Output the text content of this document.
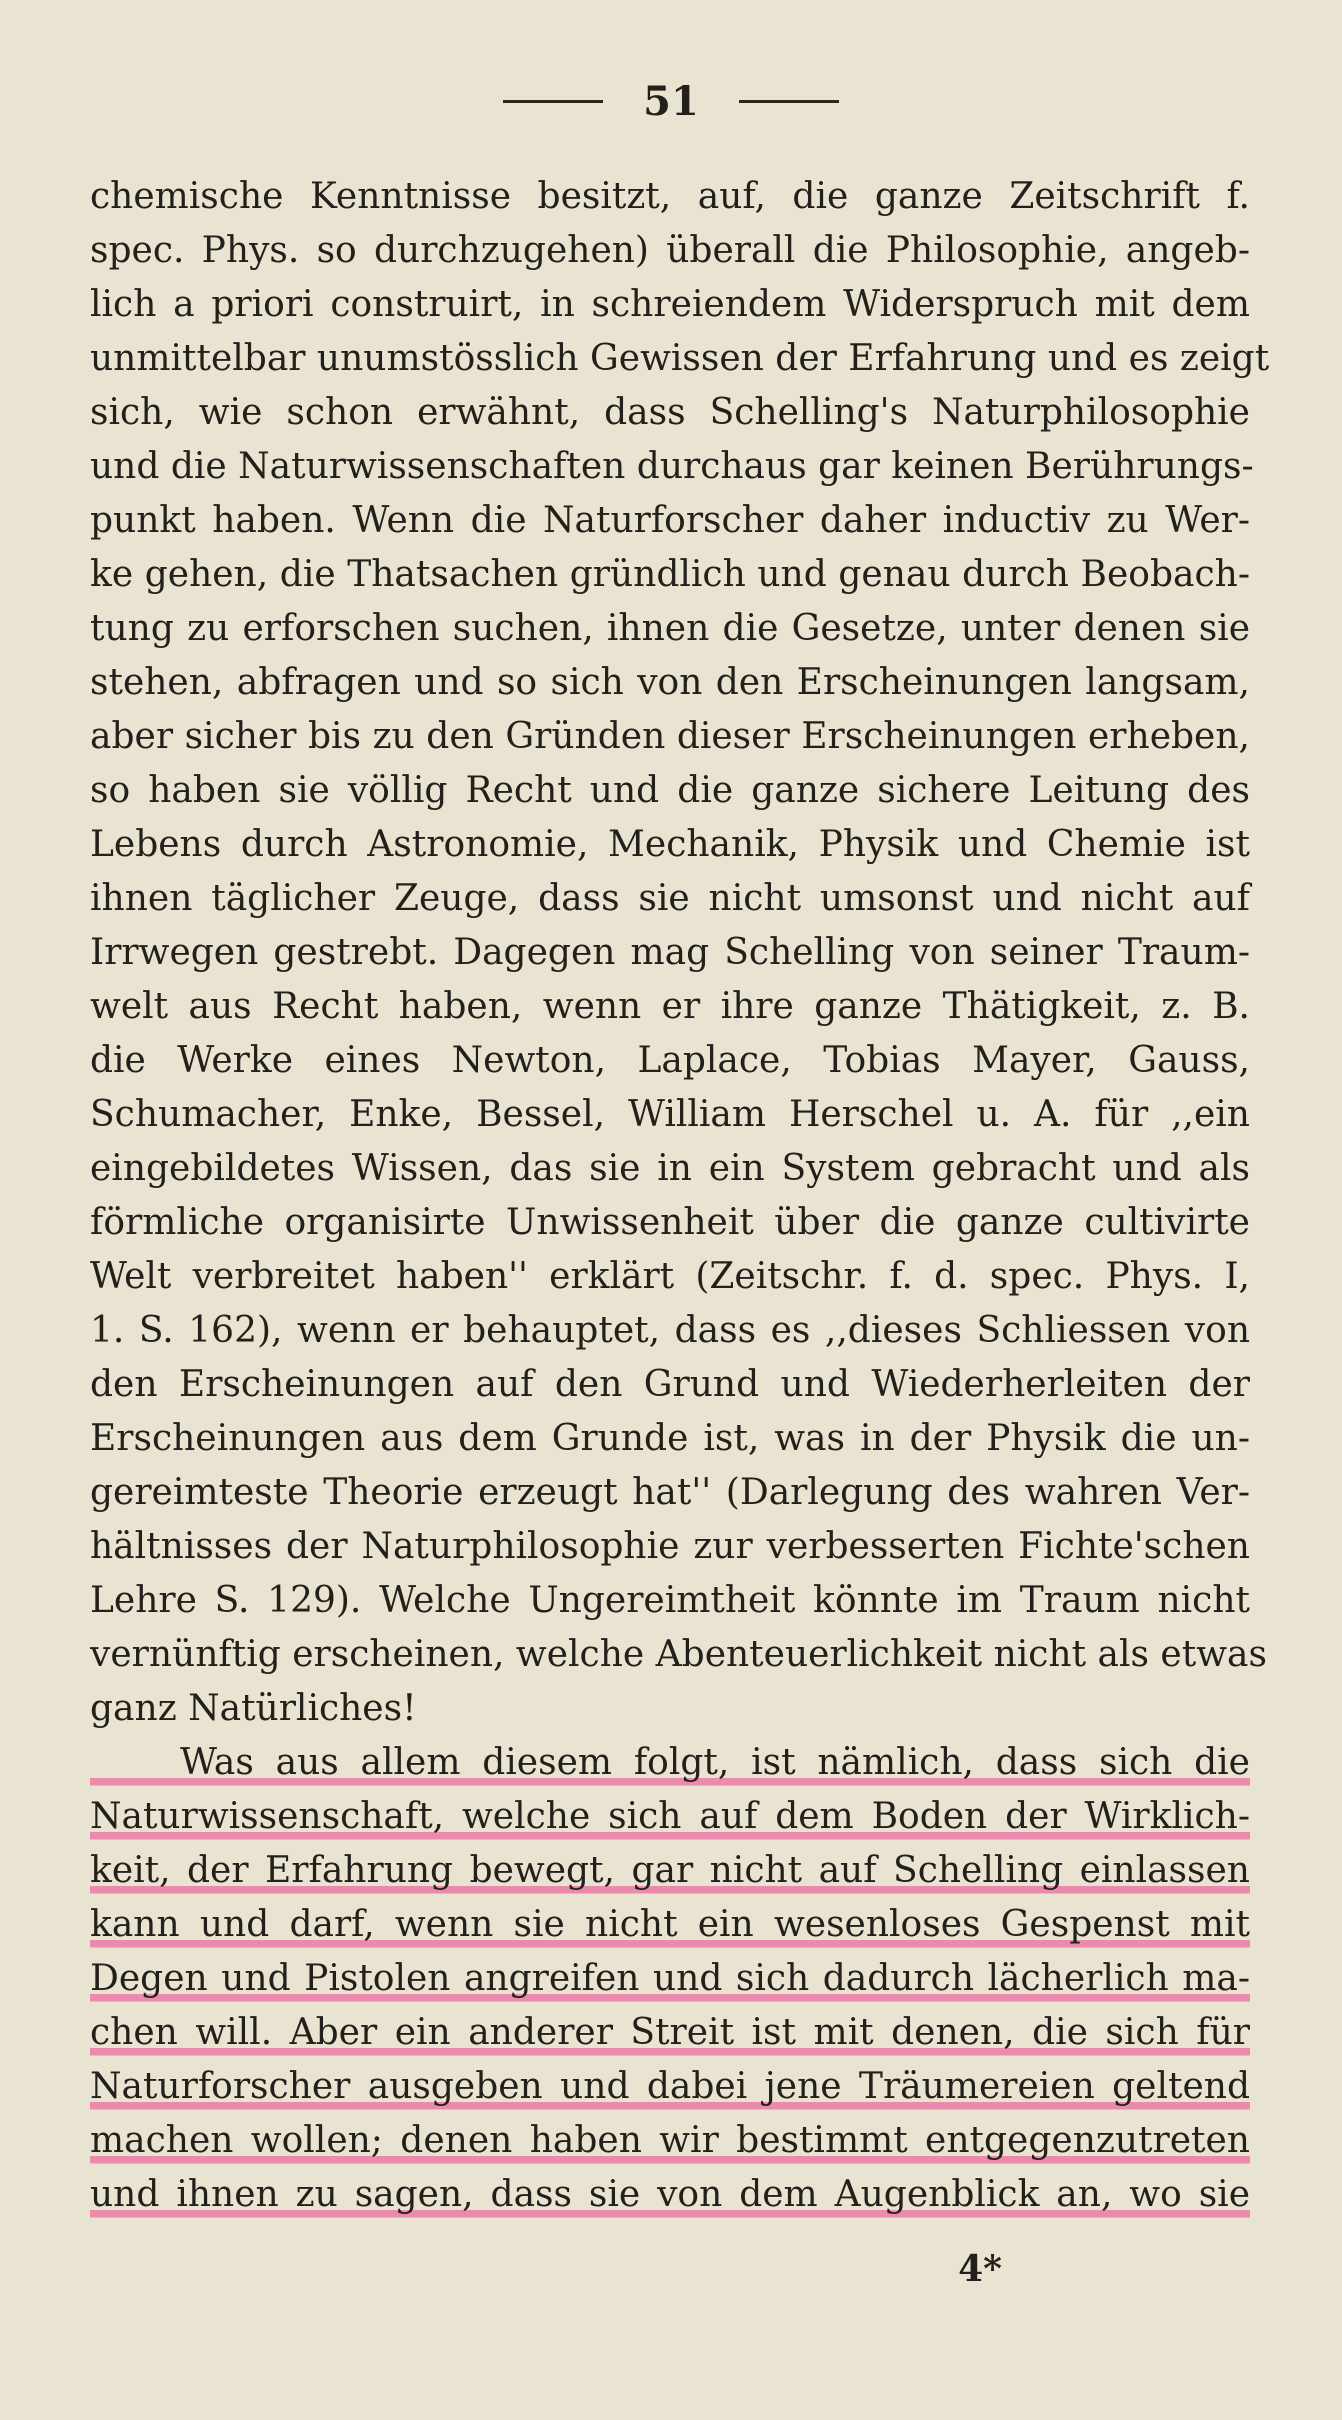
51
chemische Kenntnisse besitzt, auf, die ganze Zeitschrift f.
spec. Phys. so durchzugehen) überall die Philosophie, angeb-
lich a priori construirt, in schreiendem Widerspruch mit dem
unmittelbar unumstösslich Gewissen der Erfahrung und es zeigt
sich, wie schon erwähnt, dass Schelling's Naturphilosophie
und die Naturwissenschaften durchaus gar keinen Berührungs-
punkt haben. Wenn die Naturforscher daher inductiv zu Wer-
ke gehen, die Thatsachen gründlich und genau durch Beobach-
tung zu erforschen suchen, ihnen die Gesetze, unter denen sie
stehen, abfragen und so sich von den Erscheinungen langsam,
aber sicher bis zu den Gründen dieser Erscheinungen erheben,
so haben sie völlig Recht und die ganze sichere Leitung des
Lebens durch Astronomie, Mechanik, Physik und Chemie ist
ihnen täglicher Zeuge, dass sie nicht umsonst und nicht auf
Irrwegen gestrebt. Dagegen mag Schelling von seiner Traum-
welt aus Recht haben, wenn er ihre ganze Thätigkeit, z. B.
die Werke eines Newton, Laplace, Tobias Mayer, Gauss,
Schumacher, Enke, Bessel, William Herschel u. A. für ,,ein
eingebildetes Wissen, das sie in ein System gebracht und als
förmliche organisirte Unwissenheit über die ganze cultivirte
Welt verbreitet haben'' erklärt (Zeitschr. f. d. spec. Phys. I,
1. S. 162), wenn er behauptet, dass es ,,dieses Schliessen von
den Erscheinungen auf den Grund und Wiederherleiten der
Erscheinungen aus dem Grunde ist, was in der Physik die un-
gereimteste Theorie erzeugt hat'' (Darlegung des wahren Ver-
hältnisses der Naturphilosophie zur verbesserten Fichte'schen
Lehre S. 129). Welche Ungereimtheit könnte im Traum nicht
vernünftig erscheinen, welche Abenteuerlichkeit nicht als etwas
ganz Natürliches!
Was aus allem diesem folgt, ist nämlich, dass sich die
Naturwissenschaft, welche sich auf dem Boden der Wirklich-
keit, der Erfahrung bewegt, gar nicht auf Schelling einlassen
kann und darf, wenn sie nicht ein wesenloses Gespenst mit
Degen und Pistolen angreifen und sich dadurch lächerlich ma-
chen will. Aber ein anderer Streit ist mit denen, die sich für
Naturforscher ausgeben und dabei jene Träumereien geltend
machen wollen; denen haben wir bestimmt entgegenzutreten
und ihnen zu sagen, dass sie von dem Augenblick an, wo sie
4*
